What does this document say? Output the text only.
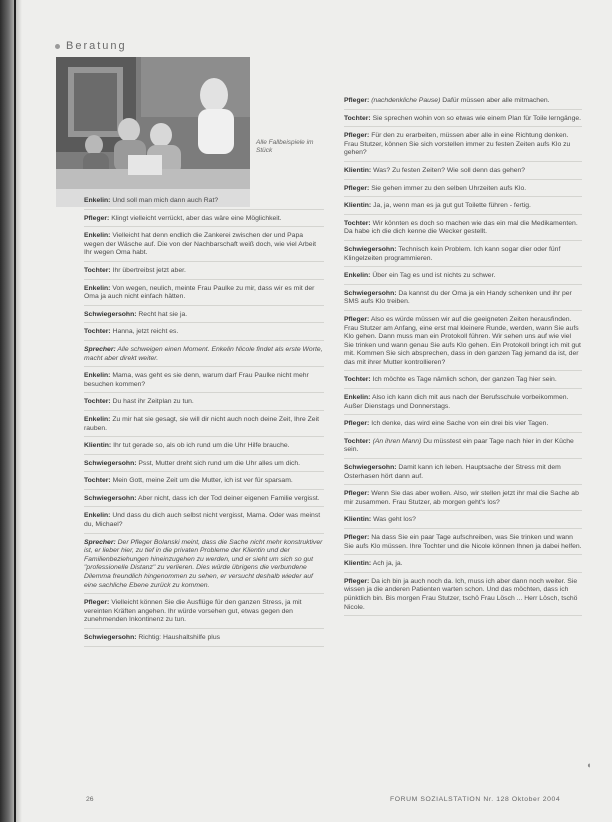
Beratung
Alle Fallbeispiele im Stück
Enkelin: Und soll man mich dann auch Rat?
Pfleger: Klingt vielleicht verrückt, aber das wäre eine Möglichkeit.
Enkelin: Vielleicht hat denn endlich die Zankerei zwischen der und Papa wegen der Wäsche auf. Die von der Nachbarschaft weiß doch, wie viel Arbeit Ihr wegen Oma habt.
Tochter: Ihr übertreibst jetzt aber.
Enkelin: Von wegen, neulich, meinte Frau Paulke zu mir, dass wir es mit der Oma ja auch nicht einfach hätten.
Schwiegersohn: Recht hat sie ja.
Tochter: Hanna, jetzt reicht es.
Sprecher: Alle schweigen einen Moment. Enkelin Nicole findet als erste Worte, macht aber direkt weiter.
Enkelin: Mama, was geht es sie denn, warum darf Frau Paulke nicht mehr besuchen kommen?
Tochter: Du hast ihr Zeitplan zu tun.
Enkelin: Zu mir hat sie gesagt, sie will dir nicht auch noch deine Zeit, Ihre Zeit rauben.
Klientin: Ihr tut gerade so, als ob ich rund um die Uhr Hilfe brauche.
Schwiegersohn: Psst, Mutter dreht sich rund um die Uhr alles um dich.
Tochter: Mein Gott, meine Zeit um die Mutter, ich ist ver für sparsam.
Schwiegersohn: Aber nicht, dass ich der Tod deiner eigenen Familie vergisst.
Enkelin: Und dass du dich auch selbst nicht vergisst, Mama. Oder was meinst du, Michael?
Sprecher: Der Pfleger Bolanski meint, dass die Sache nicht mehr konstruktiver ist, er lieber hier, zu tief in die privaten Probleme der Klientin und der Familienbeziehungen hineinzugehen zu werden, und er sieht um sich so gut "professionelle Distanz" zu verlieren. Dies würde übrigens die verbundene Dilemma freundlich hingenommen zu sehen, er versucht deshalb wieder auf eine sachliche Ebene zurück zu kommen.
Pfleger: Vielleicht können Sie die Ausflüge für den ganzen Stress, ja mit vereinten Kräften angehen. Ihr würde vorsehen gut, etwas gegen den zunehmenden Inkontinenz zu tun.
Schwiegersohn: Richtig: Haushaltshilfe plus
Pfleger: (nachdenkliche Pause) Dafür müssen aber alle mitmachen.
Tochter: Sie sprechen wohin von so etwas wie einem Plan für Toile lerngänge.
Pfleger: Für den zu erarbeiten, müssen aber alle in eine Richtung denken. Frau Stutzer, können Sie sich vorstellen immer zu festen Zeiten aufs Klo zu gehen?
Klientin: Was? Zu festen Zeiten? Wie soll denn das gehen?
Pfleger: Sie gehen immer zu den selben Uhrzeiten aufs Klo.
Klientin: Ja, ja, wenn man es ja gut gut Toilette führen - fertig.
Tochter: Wir könnten es doch so machen wie das ein mal die Medikamenten. Da habe ich die dich kenne die Wecker gestellt.
Schwiegersohn: Technisch kein Problem. Ich kann sogar dier oder fünf Klingelzeiten programmieren.
Enkelin: Über ein Tag es und ist nichts zu schwer.
Schwiegersohn: Da kannst du der Oma ja ein Handy schenken und ihr per SMS aufs Klo treiben.
Pfleger: Also es würde müssen wir auf die geeigneten Zeiten herausfinden. Frau Stutzer am Anfang, eine erst mal kleinere Runde, werden, wann Sie aufs Klo gehen. Dann muss man ein Protokoll führen. Wir sehen uns auf wie viel Sie trinken und wann genau Sie aufs Klo gehen. Ein Protokoll bringt ich mit gut mit. Kommen Sie sich absprechen, dass in den ganzen Tag jemand da ist, der das mit ihrer Mutter kontrollieren?
Tochter: Ich möchte es Tage nämlich schon, der ganzen Tag hier sein.
Enkelin: Also ich kann dich mit aus nach der Berufsschule vorbeikommen. Außer Dienstags und Donnerstags.
Pfleger: Ich denke, das wird eine Sache von ein drei bis vier Tagen.
Tochter: (An ihren Mann) Du müsstest ein paar Tage nach hier in der Küche sein.
Schwiegersohn: Damit kann ich leben. Hauptsache der Stress mit dem Osterhasen hört dann auf.
Pfleger: Wenn Sie das aber wollen. Also, wir stellen jetzt ihr mal die Sache ab mir zusammen. Frau Stutzer, ab morgen geht's los?
Klientin: Was geht los?
Pfleger: Na dass Sie ein paar Tage aufschreiben, was Sie trinken und wann Sie aufs Klo müssen. Ihre Tochter und die Nicole können Ihnen ja dabei helfen.
Klientin: Ach ja, ja.
Pfleger: Da ich bin ja auch noch da. Ich, muss ich aber dann noch weiter. Sie wissen ja die anderen Patienten warten schon. Und das möchten, dass ich pünktlich bin. Bis morgen Frau Stutzer, tschö Frau Lösch ... Herr Lösch, tschö Nicole.
26	FORUM SOZIALSTATION Nr. 128 Oktober 2004
◖
